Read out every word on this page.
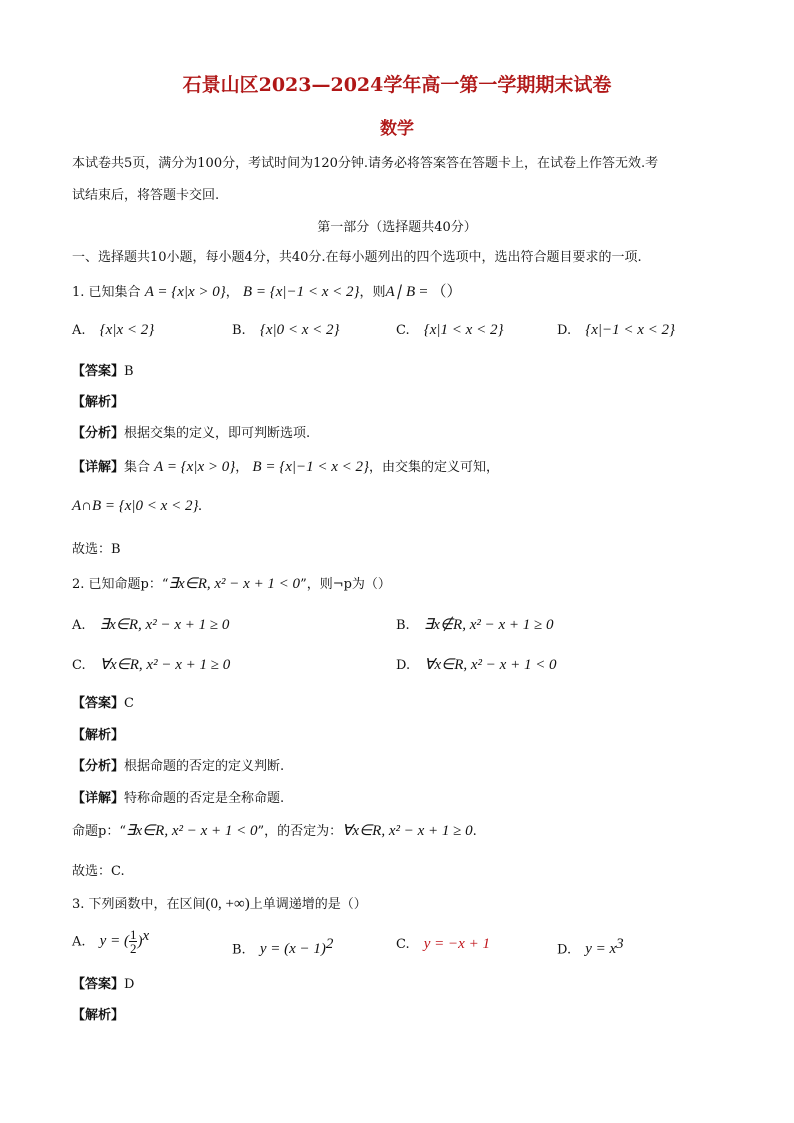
石景山区2023—2024学年高一第一学期期末试卷
数学
本试卷共5页，满分为100分，考试时间为120分钟.请务必将答案答在答题卡上，在试卷上作答无效.考
试结束后，将答题卡交回.
第一部分（选择题共40分）
一、选择题共10小题，每小题4分，共40分.在每小题列出的四个选项中，选出符合题目要求的一项.
1. 已知集合 A = {x|x > 0}， B = {x|−1 < x < 2}，则A∣ B = （）
A. {x|x < 2}	B. {x|0 < x < 2}	C. {x|1 < x < 2}	D. {x|−1 < x < 2}
【答案】B
【解析】
【分析】根据交集的定义，即可判断选项.
【详解】集合 A = {x|x > 0}， B = {x|−1 < x < 2}，由交集的定义可知，
A∩B = {x|0 < x < 2}.
故选：B
2. 已知命题p：“∃x∈R, x² − x + 1 < 0”，则¬p为（）
A. ∃x∈R, x² − x + 1 ≥ 0	B. ∃x∉R, x² − x + 1 ≥ 0
C. ∀x∈R, x² − x + 1 ≥ 0	D. ∀x∈R, x² − x + 1 < 0
【答案】C
【解析】
【分析】根据命题的否定的定义判断.
【详解】特称命题的否定是全称命题.
命题p：“∃x∈R, x² − x + 1 < 0”，的否定为：∀x∈R, x² − x + 1 ≥ 0.
故选：C.
3. 下列函数中，在区间(0, +∞)上单调递增的是（）
A. y = ( $\frac{1}{2} )^x$
B. $y = (x - 1)^2$	C. y = −x + 1	D. $y = x^3$
【答案】D
【解析】
